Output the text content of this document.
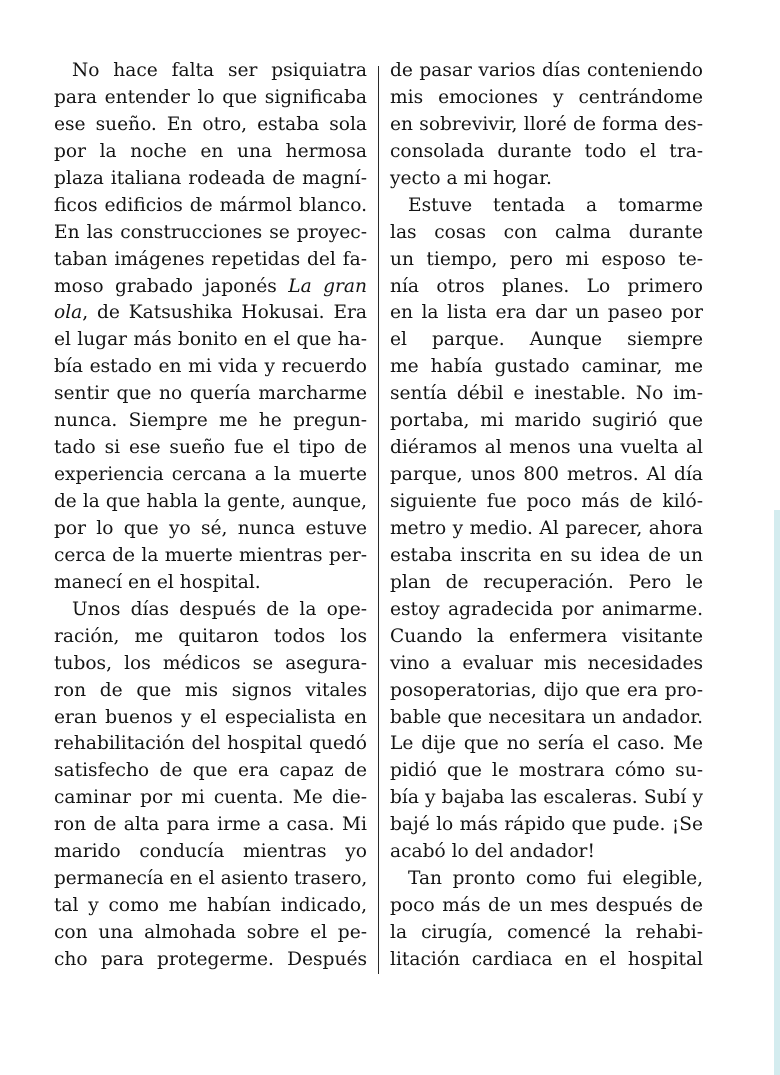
No hace falta ser psiquiatra
para entender lo que significaba
ese sueño. En otro, estaba sola
por la noche en una hermosa
plaza italiana rodeada de magní-
ficos edificios de mármol blanco.
En las construcciones se proyec-
taban imágenes repetidas del fa-
moso grabado japonés La gran
ola, de Katsushika Hokusai. Era
el lugar más bonito en el que ha-
bía estado en mi vida y recuerdo
sentir que no quería marcharme
nunca. Siempre me he pregun-
tado si ese sueño fue el tipo de
experiencia cercana a la muerte
de la que habla la gente, aunque,
por lo que yo sé, nunca estuve
cerca de la muerte mientras per-
manecí en el hospital.
Unos días después de la ope-
ración, me quitaron todos los
tubos, los médicos se asegura-
ron de que mis signos vitales
eran buenos y el especialista en
rehabilitación del hospital quedó
satisfecho de que era capaz de
caminar por mi cuenta. Me die-
ron de alta para irme a casa. Mi
marido conducía mientras yo
permanecía en el asiento trasero,
tal y como me habían indicado,
con una almohada sobre el pe-
cho para protegerme. Después
de pasar varios días conteniendo
mis emociones y centrándome
en sobrevivir, lloré de forma des-
consolada durante todo el tra-
yecto a mi hogar.
Estuve tentada a tomarme
las cosas con calma durante
un tiempo, pero mi esposo te-
nía otros planes. Lo primero
en la lista era dar un paseo por
el parque. Aunque siempre
me había gustado caminar, me
sentía débil e inestable. No im-
portaba, mi marido sugirió que
diéramos al menos una vuelta al
parque, unos 800 metros. Al día
siguiente fue poco más de kiló-
metro y medio. Al parecer, ahora
estaba inscrita en su idea de un
plan de recuperación. Pero le
estoy agradecida por animarme.
Cuando la enfermera visitante
vino a evaluar mis necesidades
posoperatorias, dijo que era pro-
bable que necesitara un andador.
Le dije que no sería el caso. Me
pidió que le mostrara cómo su-
bía y bajaba las escaleras. Subí y
bajé lo más rápido que pude. ¡Se
acabó lo del andador!
Tan pronto como fui elegible,
poco más de un mes después de
la cirugía, comencé la rehabi-
litación cardiaca en el hospital
